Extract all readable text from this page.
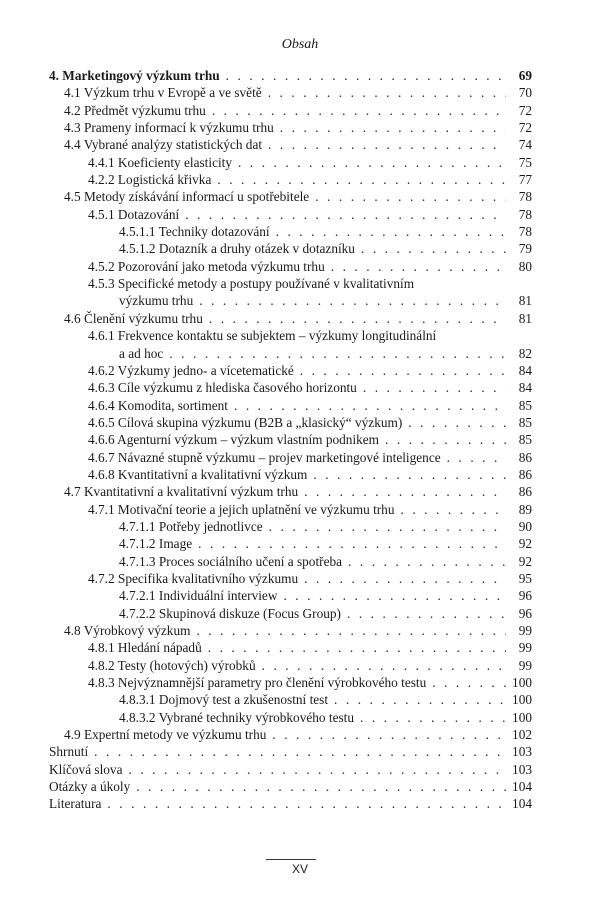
Obsah
4. Marketingový výzkum trhu . . .	69
4.1 Výzkum trhu v Evropě a ve světě . . .	70
4.2 Předmět výzkumu trhu . . .	72
4.3 Prameny informací k výzkumu trhu . . .	72
4.4 Vybrané analýzy statistických dat . . .	74
4.4.1 Koeficienty elasticity . . .	75
4.2.2 Logistická křivka . . .	77
4.5 Metody získávání informací u spotřebitele . . .	78
4.5.1 Dotazování . . .	78
4.5.1.1 Techniky dotazování . . .	78
4.5.1.2 Dotazník a druhy otázek v dotazníku . . .	79
4.5.2 Pozorování jako metoda výzkumu trhu . . .	80
4.5.3 Specifické metody a postupy používané v kvalitativním
výzkumu trhu . . .	81
4.6 Členění výzkumu trhu . . .	81
4.6.1 Frekvence kontaktu se subjektem – výzkumy longitudinální
a ad hoc . . .	82
4.6.2 Výzkumy jedno- a vícetematické . . .	84
4.6.3 Cíle výzkumu z hlediska časového horizontu . . .	84
4.6.4 Komodita, sortiment . . .	85
4.6.5 Cílová skupina výzkumu (B2B a „klasický“ výzkum) . . .	85
4.6.6 Agenturní výzkum – výzkum vlastním podnikem . . .	85
4.6.7 Návazné stupně výzkumu – projev marketingové inteligence . . .	86
4.6.8 Kvantitativní a kvalitativní výzkum . . .	86
4.7 Kvantitativní a kvalitativní výzkum trhu . . .	86
4.7.1 Motivační teorie a jejich uplatnění ve výzkumu trhu . . .	89
4.7.1.1 Potřeby jednotlivce . . .	90
4.7.1.2 Image . . .	92
4.7.1.3 Proces sociálního učení a spotřeba . . .	92
4.7.2 Specifika kvalitativního výzkumu . . .	95
4.7.2.1 Individuální interview . . .	96
4.7.2.2 Skupinová diskuze (Focus Group) . . .	96
4.8 Výrobkový výzkum . . .	99
4.8.1 Hledání nápadů . . .	99
4.8.2 Testy (hotových) výrobků . . .	99
4.8.3 Nejvýznamnější parametry pro členění výrobkového testu . . .	100
4.8.3.1 Dojmový test a zkušenostní test . . .	100
4.8.3.2 Vybrané techniky výrobkového testu . . .	100
4.9 Expertní metody ve výzkumu trhu . . .	102
Shrnutí . . .	103
Klíčová slova . . .	103
Otázky a úkoly . . .	104
Literatura . . .	104
XV
